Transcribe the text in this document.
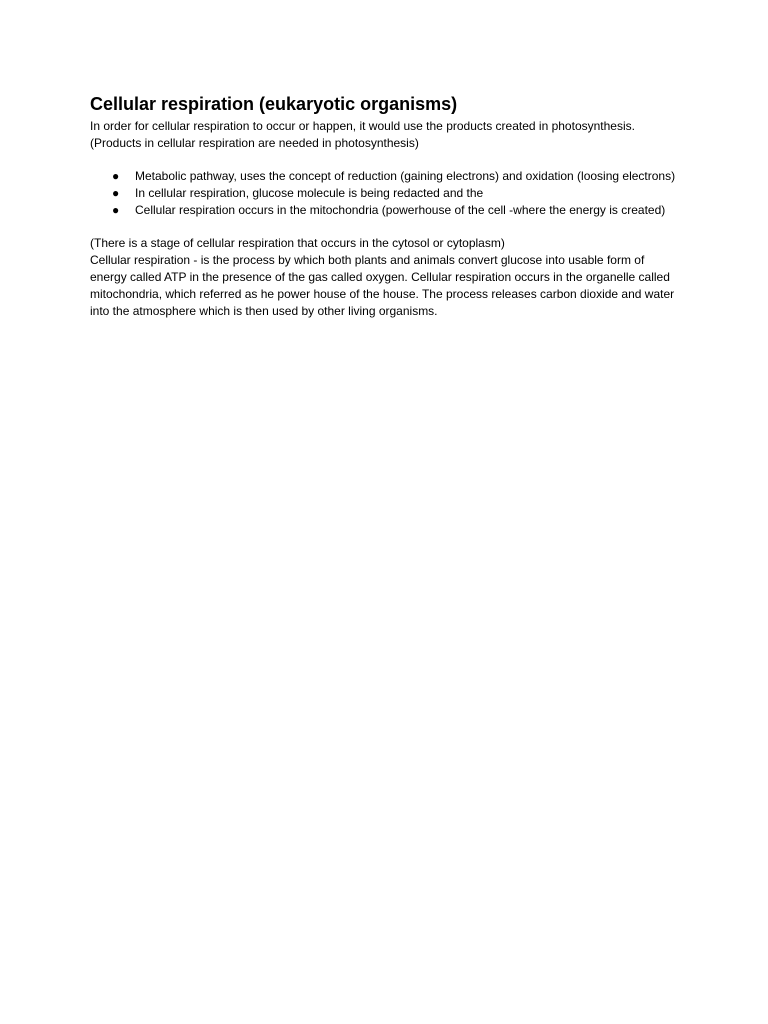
Cellular respiration (eukaryotic organisms)

In order for cellular respiration to occur or happen, it would use the products created in photosynthesis.

(Products in cellular respiration are needed in photosynthesis)

● Metabolic pathway, uses the concept of reduction (gaining electrons) and oxidation (loosing electrons)
● In cellular respiration, glucose molecule is being redacted and the
● Cellular respiration occurs in the mitochondria (powerhouse of the cell -where the energy is created)

(There is a stage of cellular respiration that occurs in the cytosol or cytoplasm)

Cellular respiration - is the process by which both plants and animals convert glucose into usable form of energy called ATP in the presence of the gas called oxygen. Cellular respiration occurs in the organelle called mitochondria, which referred as he power house of the house. The process releases carbon dioxide and water into the atmosphere which is then used by other living organisms.
